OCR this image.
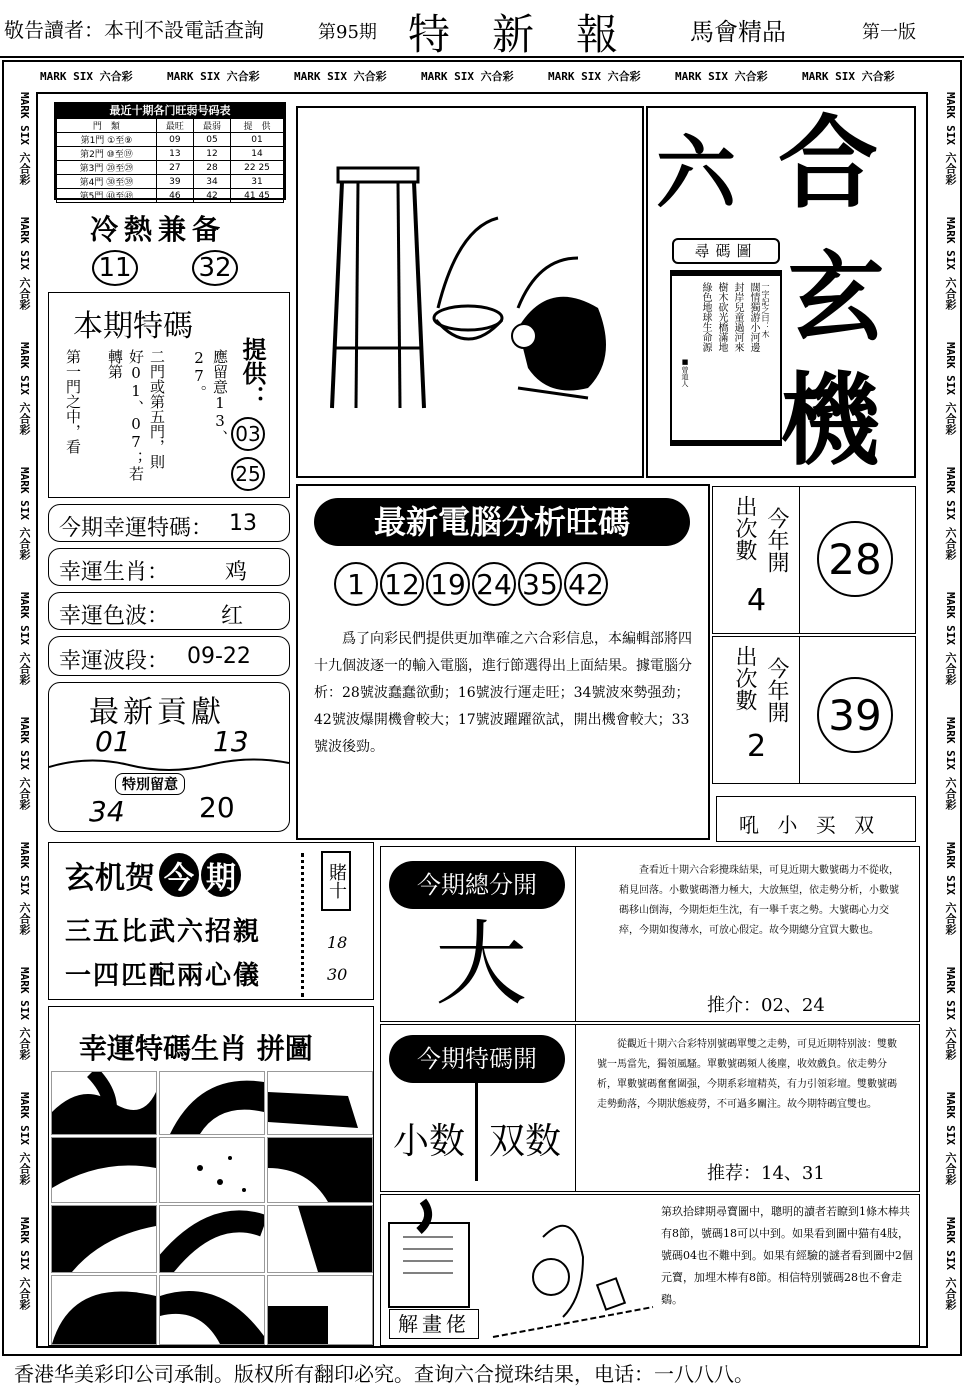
敬告讀者：本刊不設電話查詢	第95期 特　新　報	馬會精品	第一版
MARK SIX 六合彩	MARK SIX 六合彩	MARK SIX 六合彩	MARK SIX 六合彩	MARK SIX 六合彩	MARK SIX 六合彩	MARK SIX 六合彩
MARK SIX 六合彩MARK SIX 六合彩MARK SIX 六合彩MARK SIX 六合彩MARK SIX 六合彩MARK SIX 六合彩MARK SIX 六合彩MARK SIX 六合彩MARK SIX 六合彩MARK SIX 六合彩
MARK SIX 六合彩MARK SIX 六合彩MARK SIX 六合彩MARK SIX 六合彩MARK SIX 六合彩MARK SIX 六合彩MARK SIX 六合彩MARK SIX 六合彩MARK SIX 六合彩MARK SIX 六合彩
最近十期各门旺弱号码表
門　類	最旺	最弱	提　供
第1門 ①至⑨	09	05	01
第2門 ⑩至⑲	13	12	14
第3門 ⑳至㉙	27	28	22 25
第4門 ㉚至㊴	39	34	31
第5門 ㊵至㊾	46	42	41 45
冷熱兼备
11	32
本期特碼
第一門之中，看	好01、07；若轉第	二門或第五門，則	應留意13、27。	提供：
03
25
今期幸運特碼： 13
幸運生肖：	鸡
幸運色波： 红
幸運波段： 09-22
最新貢獻
01	13
特別留意
34	20
玄机贺 今 期
三五比武六招親
一四匹配兩心儀
賭
十
18
30
幸運特碼生肖 拼圖
六 合
玄
機
尋碼圖
一字記之曰：木
闊情獨游小河邊
封岸兒童過河來
樹木砍光橋滿地
綠色地球生命源
■曾道人
最新電腦分析旺碼
1 12 19 24 35 42
　　爲了向彩民們提供更加準確之六合彩信息，本編輯部將四十九個波逐一的輸入電腦，進行節選得出上面結果。據電腦分析：28號波蠢蠢欲動；16號波行運走旺；34號波來勢强劲；42號波爆開機會較大；17號波躍躍欲試，開出機會較大；33號波後勁。
出次數 今年開
4
28
出次數 今年開
2
39
吼 小 买 双
今期總分開
大
　　查看近十期六合彩攪珠結果，可見近期大數號碼力不從收，稍見回落。小數號碼潛力極大，大放無望，依走勢分析，小數號碼移山倒海，今期炬炬生沈，有一擧千衷之勢。大號碼心力交瘁，今期如復薄水，可放心假定。故今期總分宜買大數也。
推介：02、24
今期特碼開
小数 双数
　　從觀近十期六合彩特別號碼單雙之走勢，可見近期特别波：雙數號一馬當先，獨領風騷。單數號碼頻人後塵，收效戲負。依走勢分析，單數號碼奮奮圍强，今期系彩壇精英，有力引領彩壇。雙數號碼走勢動落，今期狀態疲勞，不可過多關注。故今期特碼宜雙也。
推荐：14、31
解畫佬
第玖拾肆期尋寶圖中，聰明的讀者若瞭到1條木棒共有8節，號碼18可以中到。如果看到圖中猫有4肢，號碼04也不難中到。如果有經驗的謎者看到圖中2個元寶，加埋木棒有8節。相信特別號碼28也不會走鷄。
香港华美彩印公司承制。版权所有翻印必究。查询六合搅珠结果，电话：一八八八。
